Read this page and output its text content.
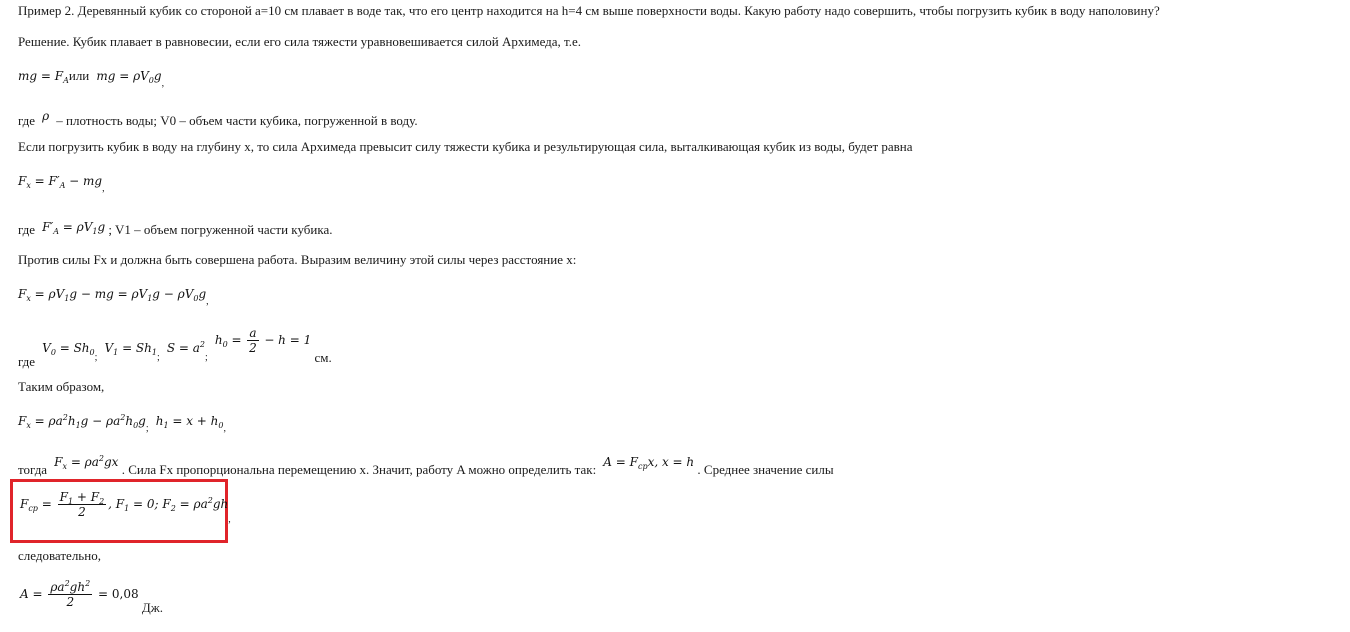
Пример 2. Деревянный кубик со стороной a=10 см плавает в воде так, что его центр находится на h=4 см выше поверхности воды. Какую работу надо совершить, чтобы погрузить кубик в воду наполовину?
Решение. Кубик плавает в равновесии, если его сила тяжести уравновешивается силой Архимеда, т.е.
mg = $F_Aили$  mg = $\rho V_0g_,$
где  ρ  – плотность воды; V0 – объем части кубика, погруженной в воду.
Если погрузить кубик в воду на глубину x, то сила Архимеда превысит силу тяжести кубика и результирующая сила, выталкивающая кубик из воды, будет равна
$F_x = F'_A - mg_,$
где  $F'_A = \rho V_1g$ ; V1 – объем погруженной части кубика.
Против силы Fx и должна быть совершена работа. Выразим величину этой силы через расстояние x:
$F_x = \rho V_1g$ − mg = $\rho V_1g - \rho V_0g_,$
где  $V_0 = Sh_{0;}$  $V_1 = Sh_{1;}$  $S = a^2_;$  $h_0 = \frac{a}{2} - h = 1$ см.
Таким образом,
$F_x = \rho a^2h_1g - \rho a^2h_0g_;$  $h_1 = x + h_{0,}$
тогда  $F_x = \rho a^2gx$ . Сила Fx пропорциональна перемещению x. Значит, работу A можно определить так:  $A = F_{ср}x$, x = h . Среднее значение силы
$F_{ср} = \frac{F_1 + F_2}{2}$ , $F_1 = 0$; $F_2 = \rho a^2gh_,$
следовательно,
$A = \frac{\rho a^2gh^2}{2} = 0,08$ Дж.
